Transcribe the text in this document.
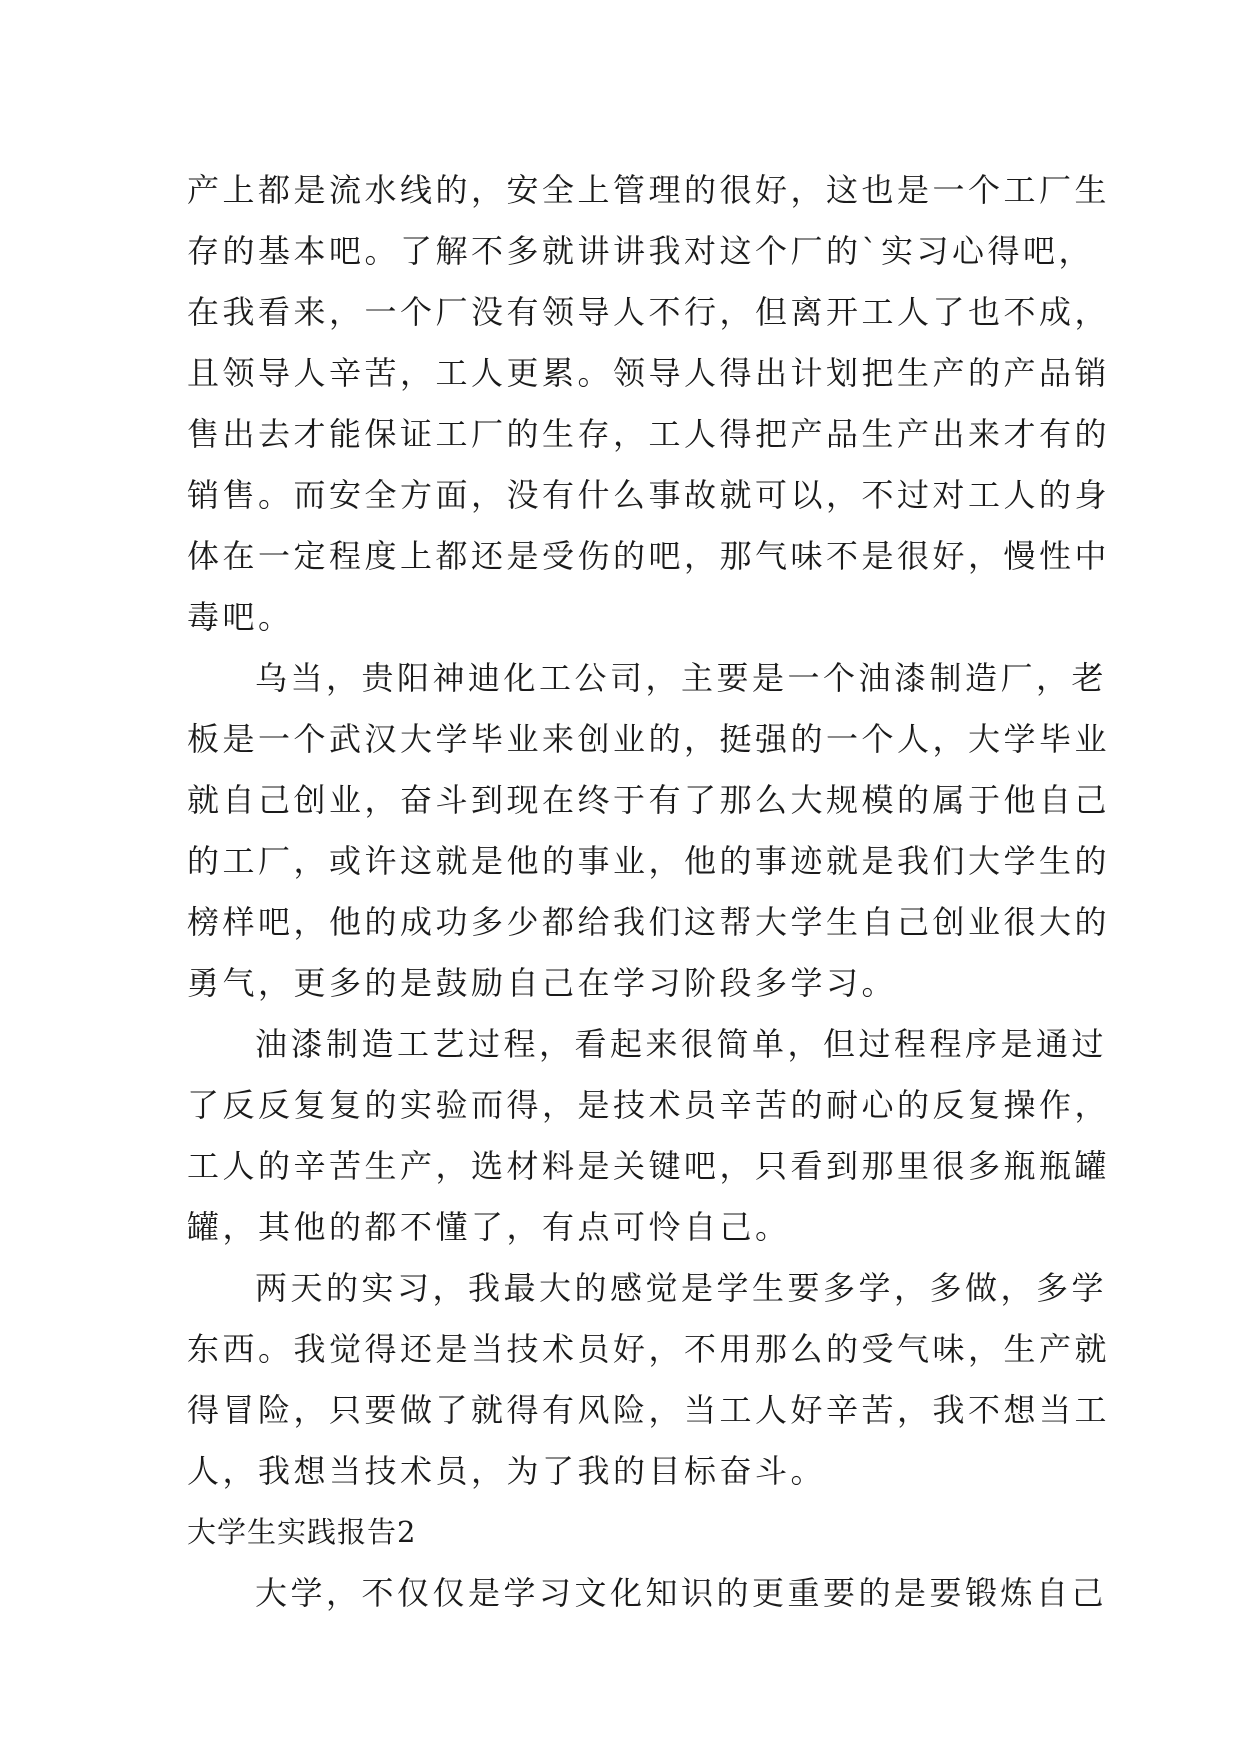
产上都是流水线的，安全上管理的很好，这也是一个工厂生
存的基本吧。了解不多就讲讲我对这个厂的`实习心得吧，
在我看来，一个厂没有领导人不行，但离开工人了也不成，
且领导人辛苦，工人更累。领导人得出计划把生产的产品销
售出去才能保证工厂的生存，工人得把产品生产出来才有的
销售。而安全方面，没有什么事故就可以，不过对工人的身
体在一定程度上都还是受伤的吧，那气味不是很好，慢性中
毒吧。
乌当，贵阳神迪化工公司，主要是一个油漆制造厂，老
板是一个武汉大学毕业来创业的，挺强的一个人，大学毕业
就自己创业，奋斗到现在终于有了那么大规模的属于他自己
的工厂，或许这就是他的事业，他的事迹就是我们大学生的
榜样吧，他的成功多少都给我们这帮大学生自己创业很大的
勇气，更多的是鼓励自己在学习阶段多学习。
油漆制造工艺过程，看起来很简单，但过程程序是通过
了反反复复的实验而得，是技术员辛苦的耐心的反复操作，
工人的辛苦生产，选材料是关键吧，只看到那里很多瓶瓶罐
罐，其他的都不懂了，有点可怜自己。
两天的实习，我最大的感觉是学生要多学，多做，多学
东西。我觉得还是当技术员好，不用那么的受气味，生产就
得冒险，只要做了就得有风险，当工人好辛苦，我不想当工
人，我想当技术员，为了我的目标奋斗。
大学生实践报告2
大学，不仅仅是学习文化知识的更重要的是要锻炼自己
